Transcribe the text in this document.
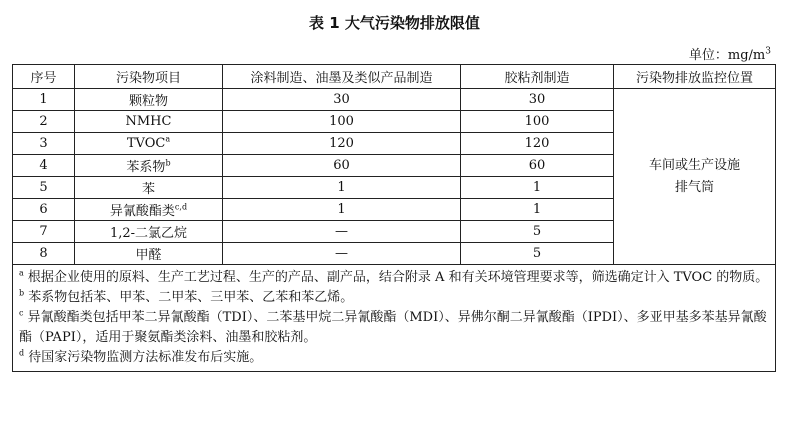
表 1 大气污染物排放限值
单位：$mg/m^3$
序号	污染物项目	涂料制造、油墨及类似产品制造	胶粘剂制造	污染物排放监控位置
1	颗粒物	30	30	车间或生产设施
排气筒

2	NMHC	100	100	
3	TVOC$^a$	120	120	
4	苯系物$^b$	60	60	
5	苯	1	1	
6	异氰酸酯类$^{c,d}$	1	1	
7	1,2-二氯乙烷	—	5	
8	甲醛	—	5	

$^a$ 根据企业使用的原料、生产工艺过程、生产的产品、副产品，结合附录 A 和有关环境管理要求等，筛选确定计入 TVOC 的物质。

$^b$ 苯系物包括苯、甲苯、二甲苯、三甲苯、乙苯和苯乙烯。

$^c$ 异氰酸酯类包括甲苯二异氰酸酯（TDI）、二苯基甲烷二异氰酸酯（MDI）、异佛尔酮二异氰酸酯（IPDI）、多亚甲基多苯基异氰酸酯（PAPI），适用于聚氨酯类涂料、油墨和胶粘剂。

$^d$ 待国家污染物监测方法标准发布后实施。				
